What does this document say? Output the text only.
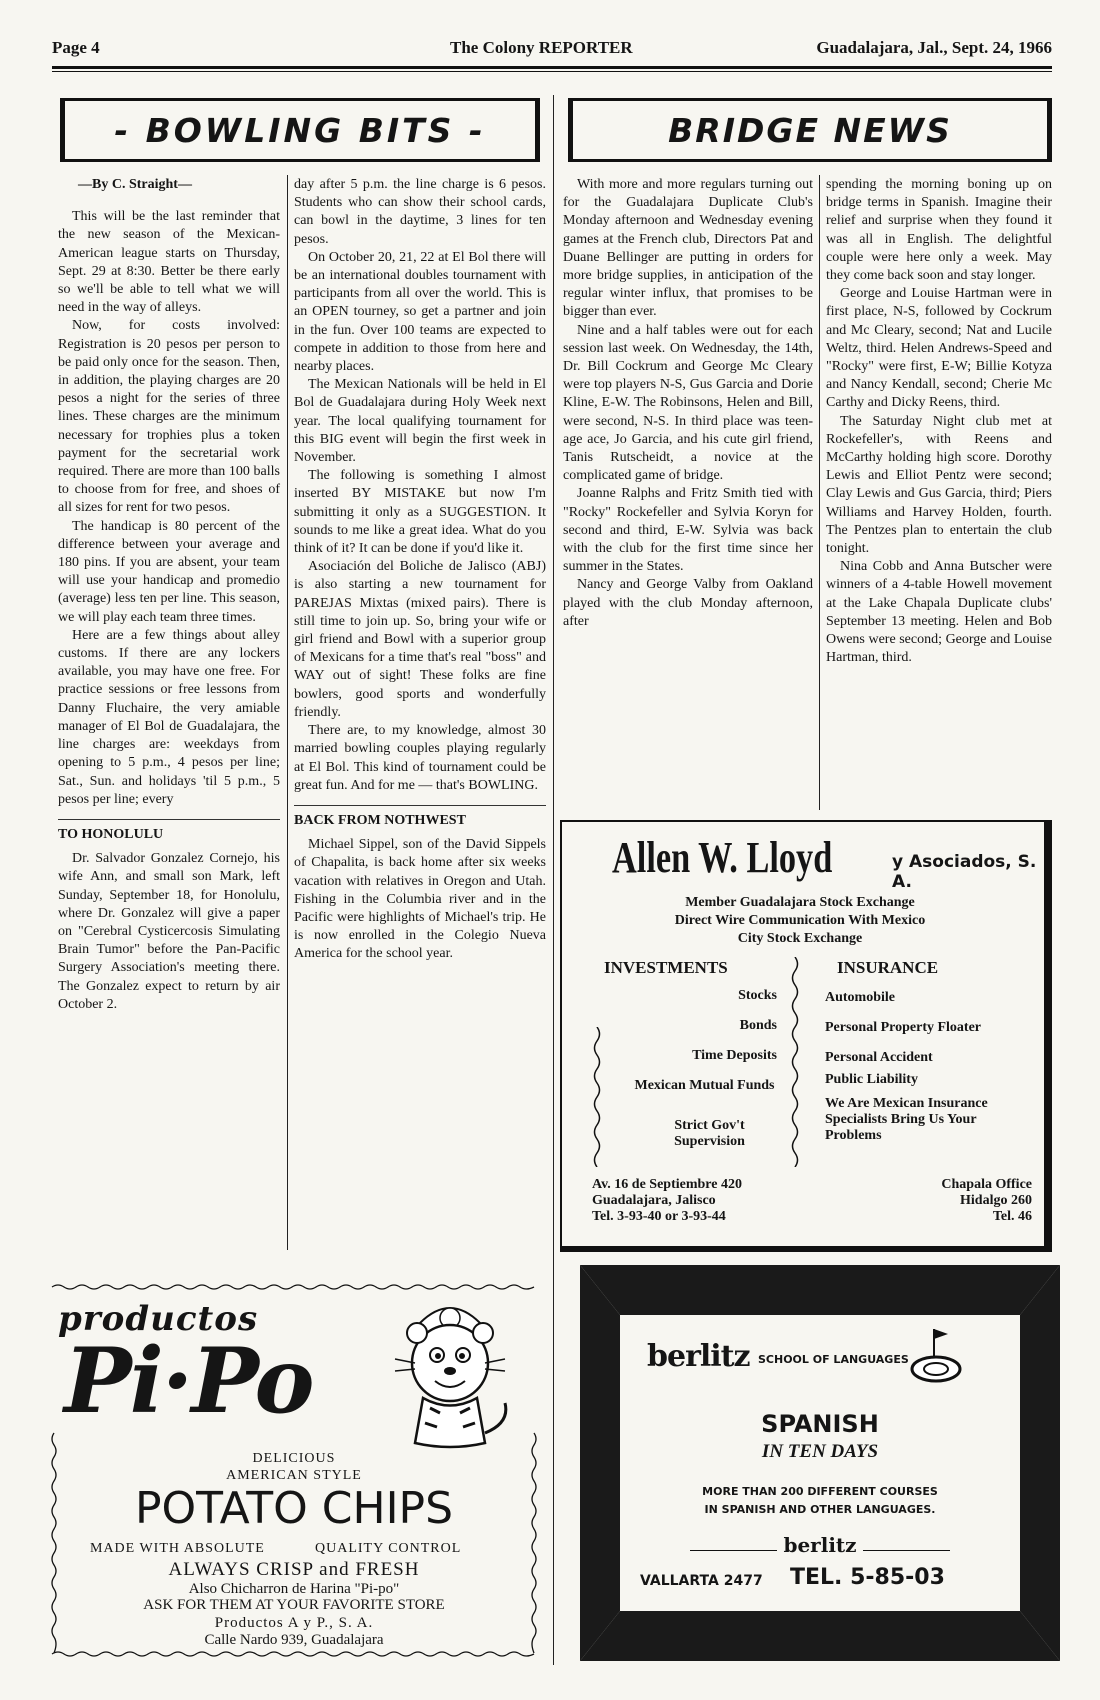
Page 4	The Colony REPORTER	Guadalajara, Jal., Sept. 24, 1966
- BOWLING BITS -
—By C. Straight—

This will be the last reminder that the new season of the Mexican-American league starts on Thursday, Sept. 29 at 8:30. Better be there early so we'll be able to tell what we will need in the way of alleys.

Now, for costs involved: Registration is 20 pesos per person to be paid only once for the season. Then, in addition, the playing charges are 20 pesos a night for the series of three lines. These charges are the minimum necessary for trophies plus a token payment for the secretarial work required. There are more than 100 balls to choose from for free, and shoes of all sizes for rent for two pesos.

The handicap is 80 percent of the difference between your average and 180 pins. If you are absent, your team will use your handicap and promedio (average) less ten per line. This season, we will play each team three times.

Here are a few things about alley customs. If there are any lockers available, you may have one free. For practice sessions or free lessons from Danny Fluchaire, the very amiable manager of El Bol de Guadalajara, the line charges are: weekdays from opening to 5 p.m., 4 pesos per line; Sat., Sun. and holidays 'til 5 p.m., 5 pesos per line; every

TO HONOLULU

Dr. Salvador Gonzalez Cornejo, his wife Ann, and small son Mark, left Sunday, September 18, for Honolulu, where Dr. Gonzalez will give a paper on "Cerebral Cysticercosis Simulating Brain Tumor" before the Pan-Pacific Surgery Association's meeting there. The Gonzalez expect to return by air October 2.

day after 5 p.m. the line charge is 6 pesos. Students who can show their school cards, can bowl in the daytime, 3 lines for ten pesos.

On October 20, 21, 22 at El Bol there will be an international doubles tournament with participants from all over the world. This is an OPEN tourney, so get a partner and join in the fun. Over 100 teams are expected to compete in addition to those from here and nearby places.

The Mexican Nationals will be held in El Bol de Guadalajara during Holy Week next year. The local qualifying tournament for this BIG event will begin the first week in November.

The following is something I almost inserted BY MISTAKE but now I'm submitting it only as a SUGGESTION. It sounds to me like a great idea. What do you think of it? It can be done if you'd like it.

Asociación del Boliche de Jalisco (ABJ) is also starting a new tournament for PAREJAS Mixtas (mixed pairs). There is still time to join up. So, bring your wife or girl friend and Bowl with a superior group of Mexicans for a time that's real "boss" and WAY out of sight! These folks are fine bowlers, good sports and wonderfully friendly.

There are, to my knowledge, almost 30 married bowling couples playing regularly at El Bol. This kind of tournament could be great fun. And for me — that's BOWLING.

BACK FROM NOTHWEST

Michael Sippel, son of the David Sippels of Chapalita, is back home after six weeks vacation with relatives in Oregon and Utah. Fishing in the Columbia river and in the Pacific were highlights of Michael's trip. He is now enrolled in the Colegio Nueva America for the school year.

BRIDGE NEWS

With more and more regulars turning out for the Guadalajara Duplicate Club's Monday afternoon and Wednesday evening games at the French club, Directors Pat and Duane Bellinger are putting in orders for more bridge supplies, in anticipation of the regular winter influx, that promises to be bigger than ever.

Nine and a half tables were out for each session last week. On Wednesday, the 14th, Dr. Bill Cockrum and George Mc Cleary were top players N-S, Gus Garcia and Dorie Kline, E-W. The Robinsons, Helen and Bill, were second, N-S. In third place was teen-age ace, Jo Garcia, and his cute girl friend, Tanis Rutscheidt, a novice at the complicated game of bridge.

Joanne Ralphs and Fritz Smith tied with "Rocky" Rockefeller and Sylvia Koryn for second and third, E-W. Sylvia was back with the club for the first time since her summer in the States.

Nancy and George Valby from Oakland played with the club Monday afternoon, after

spending the morning boning up on bridge terms in Spanish. Imagine their relief and surprise when they found it was all in English. The delightful couple were here only a week. May they come back soon and stay longer.

George and Louise Hartman were in first place, N-S, followed by Cockrum and Mc Cleary, second; Nat and Lucile Weltz, third. Helen Andrews-Speed and "Rocky" were first, E-W; Billie Kotyza and Nancy Kendall, second; Cherie Mc Carthy and Dicky Reens, third.

The Saturday Night club met at Rockefeller's, with Reens and McCarthy holding high score. Dorothy Lewis and Elliot Pentz were second; Clay Lewis and Gus Garcia, third; Piers Williams and Harvey Holden, fourth. The Pentzes plan to entertain the club tonight.

Nina Cobb and Anna Butscher were winners of a 4-table Howell movement at the Lake Chapala Duplicate clubs' September 13 meeting. Helen and Bob Owens were second; George and Louise Hartman, third.

Allen W. Lloyd	y Asociados, S. A.
Member Guadalajara Stock Exchange
Direct Wire Communication With Mexico
City Stock Exchange
INVESTMENTS	INSURANCE
Stocks
Bonds
Time Deposits
Mexican Mutual Funds
Strict Gov't Supervision
Automobile
Personal Property Floater
Personal Accident
Public Liability
We Are Mexican Insurance Specialists Bring Us Your Problems
Av. 16 de Septiembre 420
Guadalajara, Jalisco
Tel. 3-93-40 or 3-93-44
Chapala Office
Hidalgo 260
Tel. 46
productos
Pi·Po
DELICIOUS
AMERICAN STYLE
POTATO CHIPS
MADE WITH ABSOLUTE	QUALITY CONTROL
ALWAYS CRISP and FRESH
Also Chicharron de Harina "Pi-po"
ASK FOR THEM AT YOUR FAVORITE STORE
Productos A y P., S. A.
Calle Nardo 939, Guadalajara
berlitz SCHOOL OF LANGUAGES
SPANISH
IN TEN DAYS
MORE THAN 200 DIFFERENT COURSES
IN SPANISH AND OTHER LANGUAGES.
berlitz
VALLARTA 2477 TEL. 5-85-03
